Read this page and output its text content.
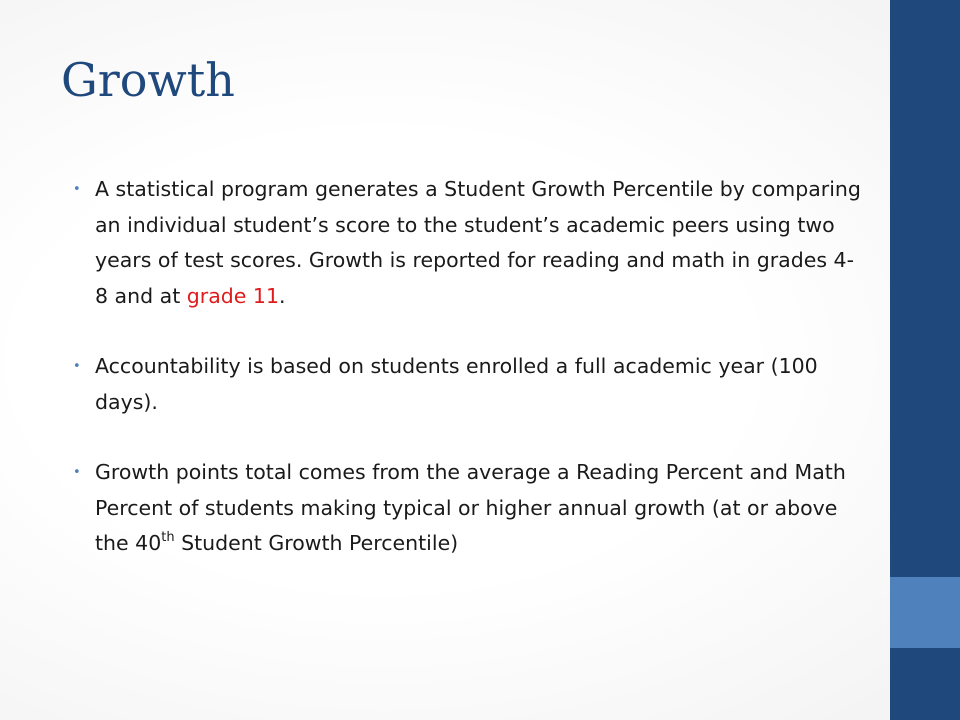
Growth
• A statistical program generates a Student Growth Percentile by comparing an individual student’s score to the student’s academic peers using two years of test scores. Growth is reported for reading and math in grades 4-8 and at grade 11.
• Accountability is based on students enrolled a full academic year (100 days).
• Growth points total comes from the average a Reading Percent and Math Percent of students making typical or higher annual growth (at or above the 40th Student Growth Percentile)
